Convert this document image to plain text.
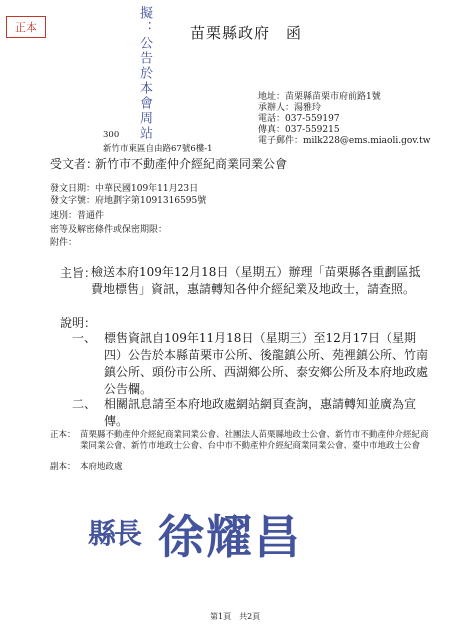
正本	擬：公告於本會周站	苗栗縣政府　函
地址：苗栗縣苗栗市府前路1號
承辦人：湯雅玲
電話：037-559197
傳真：037-559215
電子郵件：milk228@ems.miaoli.gov.tw
300
新竹市東區自由路67號6樓-1
受文者：
新竹市不動產仲介經紀商業同業公會
發文日期：中華民國109年11月23日
發文字號：府地劃字第1091316595號
速別：普通件
密等及解密條件或保密期限：
附件：
主旨：
檢送本府109年12月18日（星期五）辦理「苗栗縣各重劃區抵費地標售」資訊，惠請轉知各仲介經紀業及地政士，請查照。
說明：
一、 標售資訊自109年11月18日（星期三）至12月17日（星期四）公告於本縣苗栗市公所、後龍鎮公所、苑裡鎮公所、竹南鎮公所、頭份市公所、西湖鄉公所、泰安鄉公所及本府地政處公告欄。
二、 相關訊息請至本府地政處網站網頁查詢，惠請轉知並廣為宣傳。
正本： 苗栗縣不動產仲介經紀商業同業公會、社團法人苗栗縣地政士公會、新竹市不動產仲介經紀商業同業公會、新竹市地政士公會、台中市不動產仲介經紀商業同業公會、臺中市地政士公會
副本： 本府地政處
縣長 徐耀昌
第1頁　共2頁
